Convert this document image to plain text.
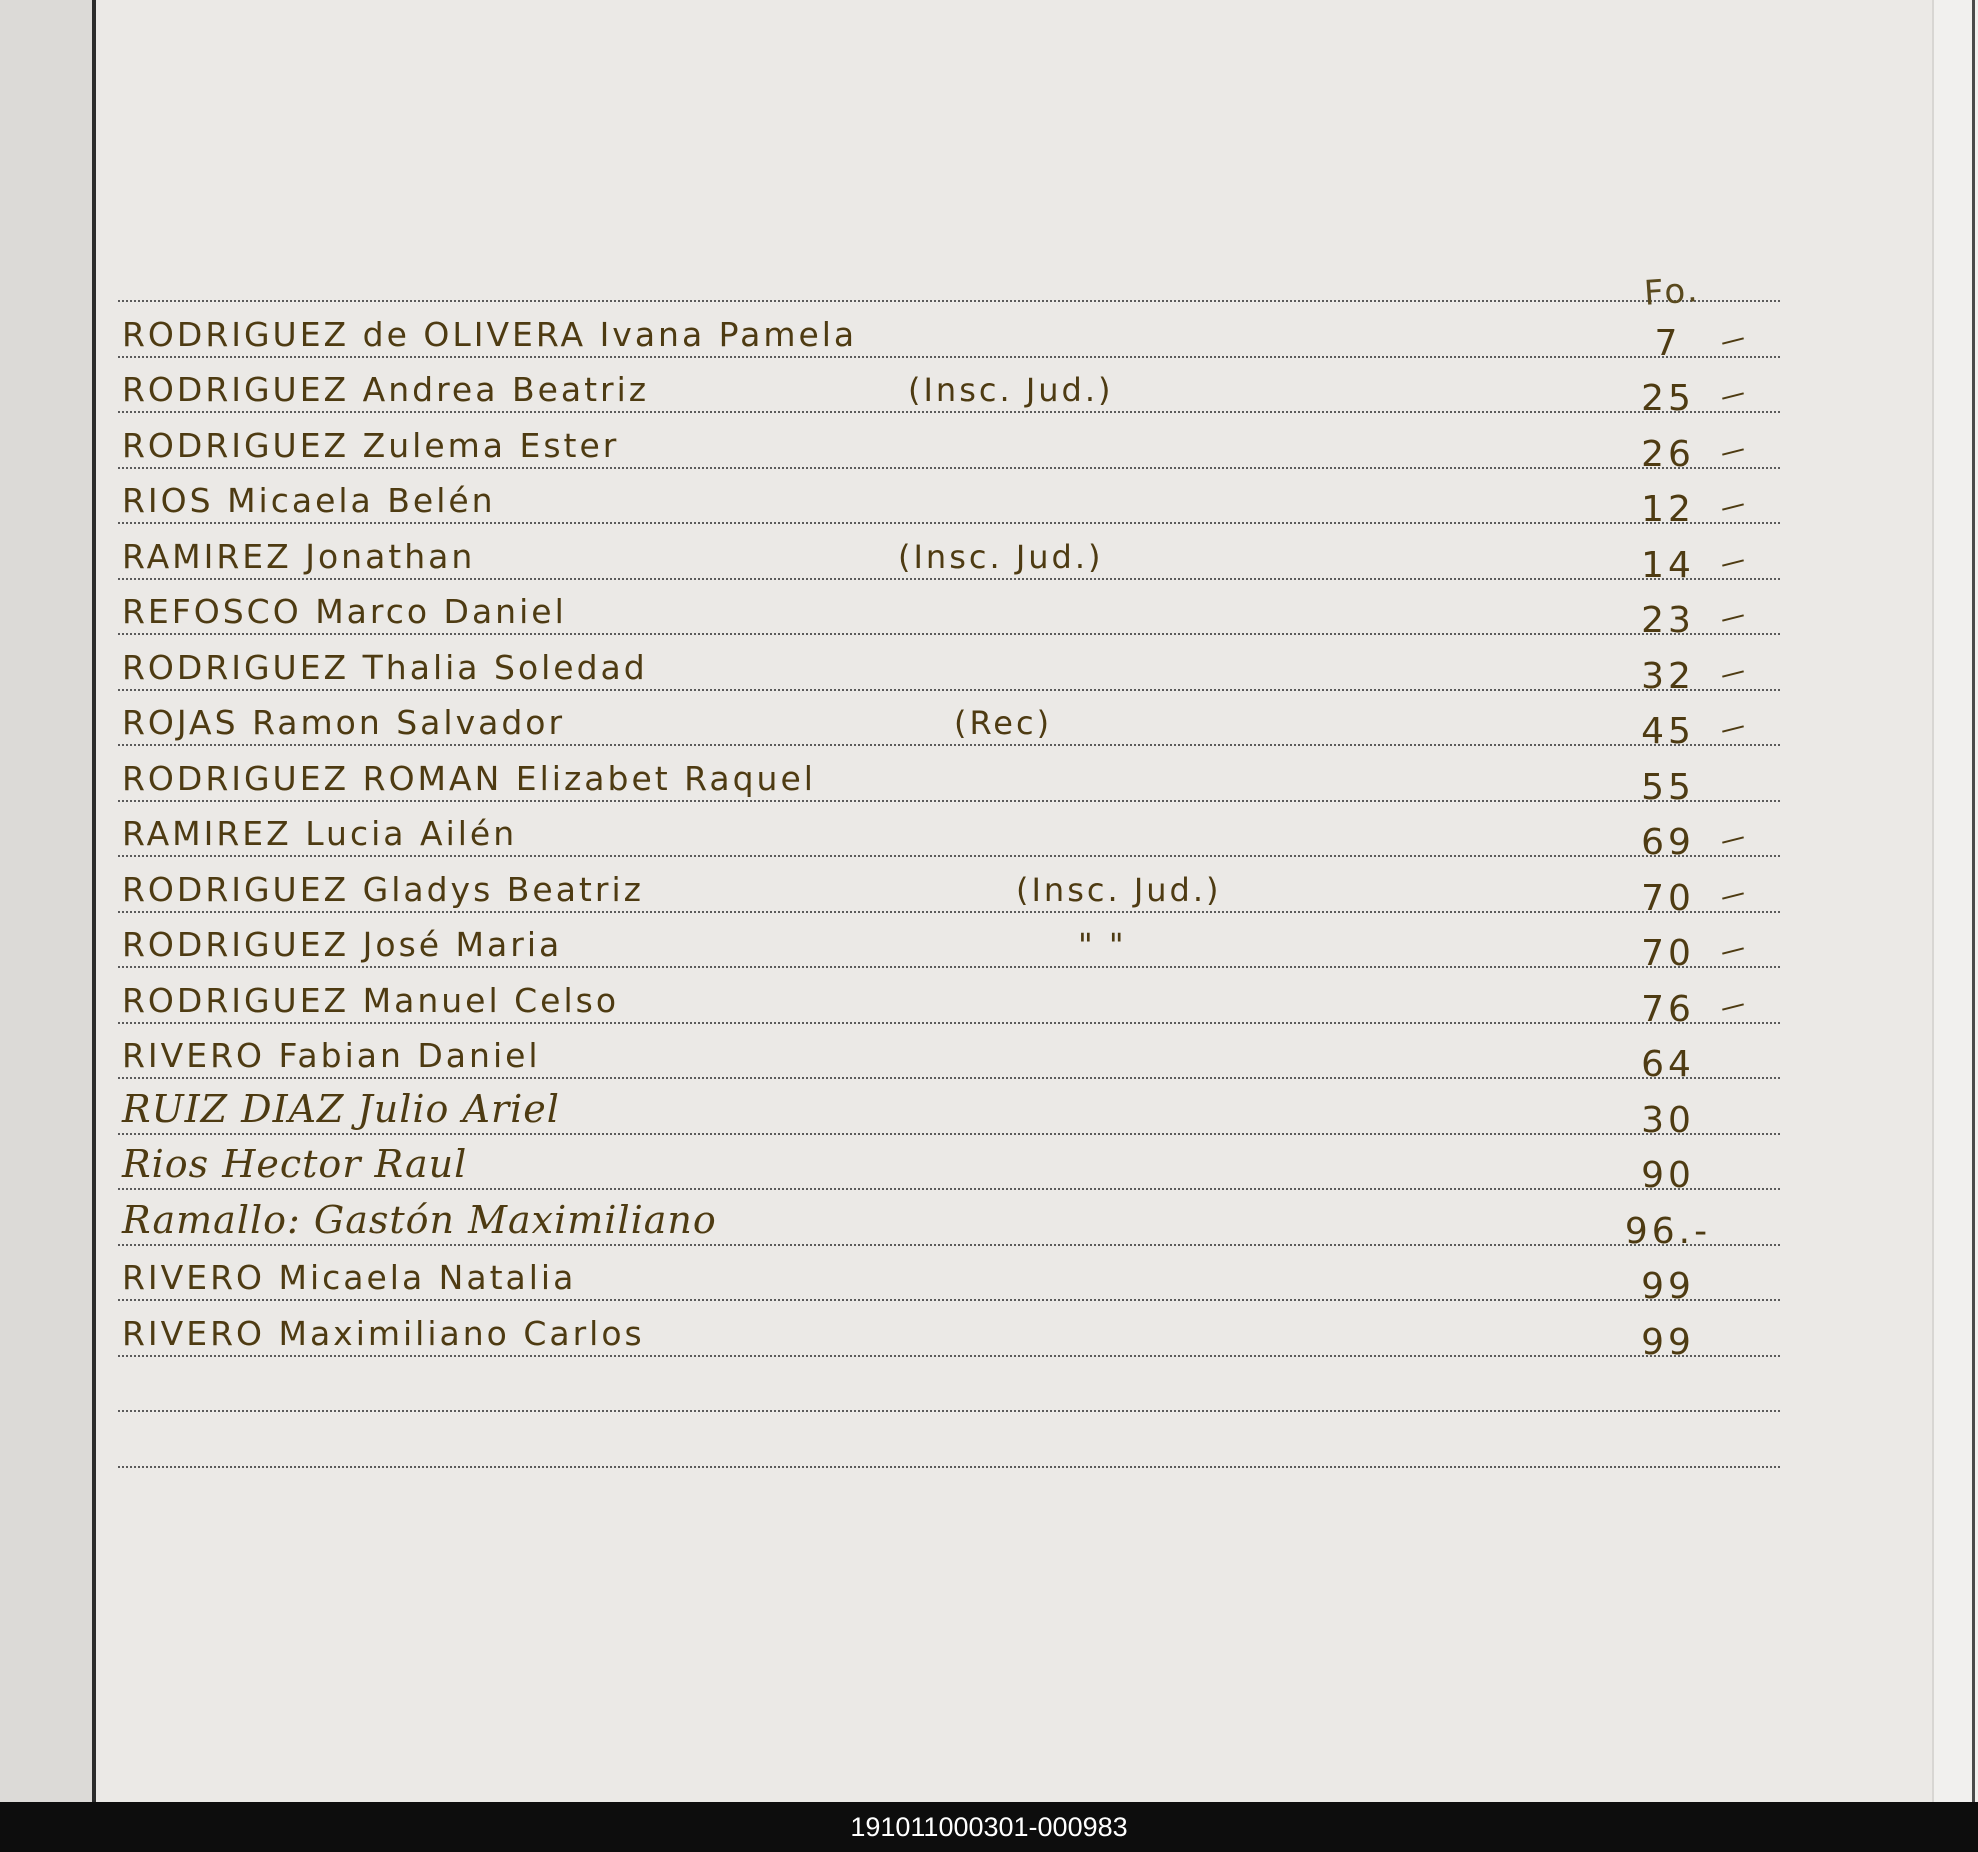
Fo.
RODRIGUEZ de OLIVERA Ivana Pamela	7
RODRIGUEZ Andrea Beatriz	(Insc. Jud.)	25
RODRIGUEZ Zulema Ester	26
RIOS Micaela Belén	12
RAMIREZ Jonathan	(Insc. Jud.)	14
REFOSCO Marco Daniel	23
RODRIGUEZ Thalia Soledad	32
ROJAS Ramon Salvador	(Rec)	45
RODRIGUEZ ROMAN Elizabet Raquel	55
RAMIREZ Lucia Ailén	69
RODRIGUEZ Gladys Beatriz	(Insc. Jud.)	70
RODRIGUEZ José Maria	" "	70
RODRIGUEZ Manuel Celso	76
RIVERO Fabian Daniel	64
RUIZ DIAZ Julio Ariel	30
Rios Hector Raul	90
Ramallo: Gastón Maximiliano	96.-
RIVERO Micaela Natalia	99
RIVERO Maximiliano Carlos	99
191011000301-000983
